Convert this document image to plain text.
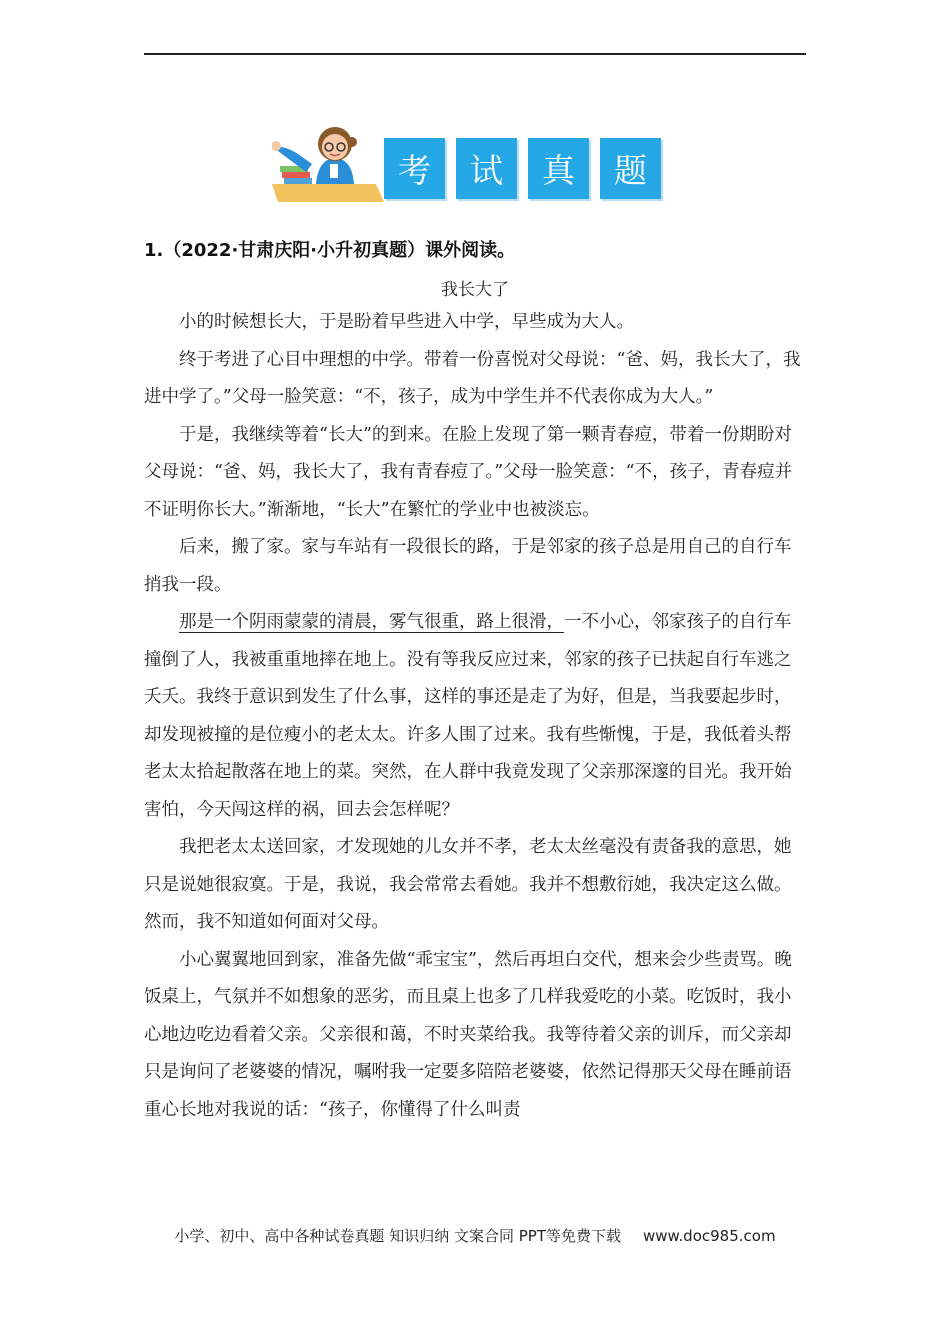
考	试	真	题
1.（2022·甘肃庆阳·小升初真题）课外阅读。
我长大了

小的时候想长大，于是盼着早些进入中学，早些成为大人。

终于考进了心目中理想的中学。带着一份喜悦对父母说：“爸、妈，我长大了，我进中学了。”父母一脸笑意：“不，孩子，成为中学生并不代表你成为大人。”

于是，我继续等着“长大”的到来。在脸上发现了第一颗青春痘，带着一份期盼对父母说：“爸、妈，我长大了，我有青春痘了。”父母一脸笑意：“不，孩子，青春痘并不证明你长大。”渐渐地，“长大”在繁忙的学业中也被淡忘。

后来，搬了家。家与车站有一段很长的路，于是邻家的孩子总是用自己的自行车捎我一段。

那是一个阴雨蒙蒙的清晨，雾气很重，路上很滑，一不小心，邻家孩子的自行车撞倒了人，我被重重地摔在地上。没有等我反应过来，邻家的孩子已扶起自行车逃之夭夭。我终于意识到发生了什么事，这样的事还是走了为好，但是，当我要起步时，却发现被撞的是位瘦小的老太太。许多人围了过来。我有些惭愧，于是，我低着头帮老太太拾起散落在地上的菜。突然，在人群中我竟发现了父亲那深邃的目光。我开始害怕，今天闯这样的祸，回去会怎样呢？

我把老太太送回家，才发现她的儿女并不孝，老太太丝毫没有责备我的意思，她只是说她很寂寞。于是，我说，我会常常去看她。我并不想敷衍她，我决定这么做。然而，我不知道如何面对父母。

小心翼翼地回到家，准备先做“乖宝宝”，然后再坦白交代，想来会少些责骂。晚饭桌上，气氛并不如想象的恶劣，而且桌上也多了几样我爱吃的小菜。吃饭时，我小心地边吃边看着父亲。父亲很和蔼，不时夹菜给我。我等待着父亲的训斥，而父亲却只是询问了老婆婆的情况，嘱咐我一定要多陪陪老婆婆，依然记得那天父母在睡前语重心长地对我说的话：“孩子，你懂得了什么叫责

小学、初中、高中各种试卷真题 知识归纳 文案合同 PPT等免费下载 www.doc985.com
